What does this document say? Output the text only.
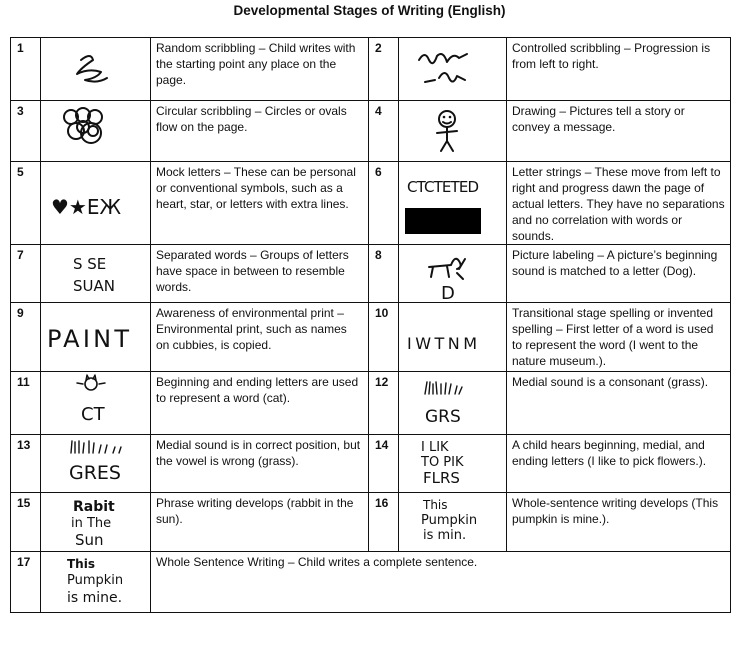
Developmental Stages of Writing (English)
1		Random scribbling – Child writes with the starting point any place on the page.	2		Controlled scribbling – Progression is from left to right.
3		Circular scribbling – Circles or ovals flow on the page.	4		Drawing – Pictures tell a story or convey a message.
5	♥★EЖ	Mock letters – These can be personal or conventional symbols, such as a heart, star, or letters with extra lines.	6	CTCTETED	Letter strings – These move from left to right and progress dawn the page of actual letters. They have no separations and no correlation with words or sounds.
7	S SE
SUAN	Separated words – Groups of letters have space in between to resemble words.	8	D	Picture labeling – A picture’s beginning sound is matched to a letter (Dog).
9	PAINT	Awareness of environmental print – Environmental print, such as names on cubbies, is copied.	10	IWTNM	Transitional stage spelling or invented spelling – First letter of a word is used to represent the word (I went to the nature museum.).
11	CT	Beginning and ending letters are used to represent a word (cat).	12	GRS	Medial sound is a consonant (grass).
13	GRES	Medial sound is in correct position, but the vowel is wrong (grass).	14	I LIK
TO PIK
FLRS	A child hears beginning, medial, and ending letters (I like to pick flowers.).
15	Rabit
in The
Sun	Phrase writing develops (rabbit in the sun).	16	This
Pumpkin
is min.	Whole-sentence writing develops (This pumpkin is mine.).
17	This
Pumpkin
is mine.	Whole Sentence Writing – Child writes a complete sentence.			
